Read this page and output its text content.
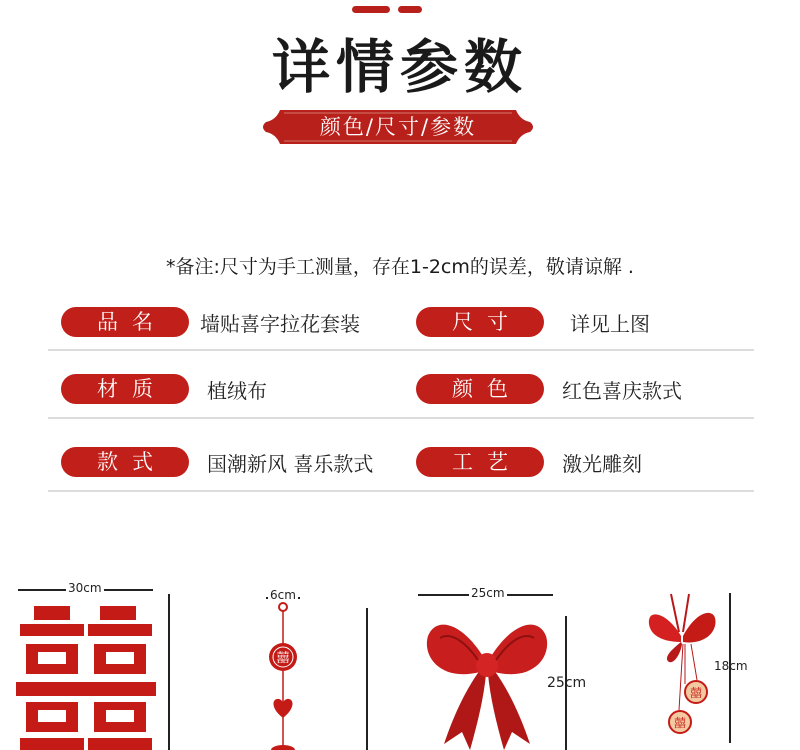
详情参数
颜色/尺寸/参数
*备注:尺寸为手工测量，存在1-2cm的误差，敬请谅解 .
品名	墙贴喜字拉花套装	尺寸	详见上图
材质	植绒布	颜色	红色喜庆款式
款式	国潮新风 喜乐款式	工艺	激光雕刻
30cm	6cm
囍
25cm
25cm
18cm
囍
囍
